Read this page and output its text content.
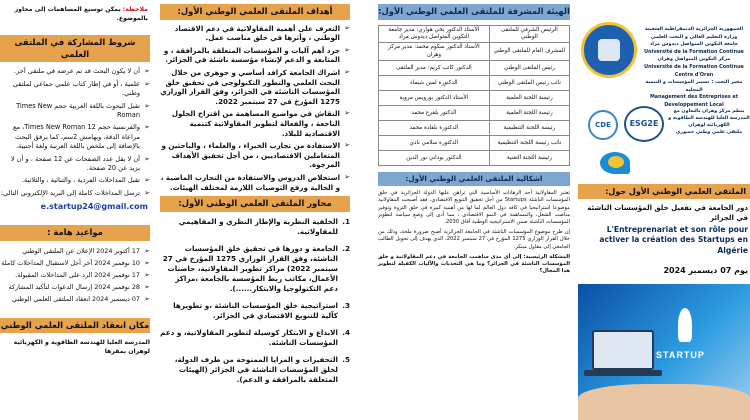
ملاحظة: يمكن توسيع المساهمات إلى محاور بالموضوع.
شروط المشاركة في الملتقى العلمي
➢ أن لا يكون البحث قد تم عرضه في ملتقى آخر.
➢ علمية ، أو في إطار كتاب علمي جماعي لملتقى وطني.
➢ تقبل البحوث باللغة العربية حجم Times New Roman
➢ والفرنسية حجم 12 Times New Roman، مع مراعاة الدقة، وبهامش 2سم، كما يرفق البحث بالإضافة إلى ملخص باللغة العربية ولغة أجنبية.
➢ أن لا يقل عدد الصفحات عن 12 صفحة ، و أن لا يزيد عن 20 صفحة.
➢ تقبل المداخلات الفردية ، والثنائية ، والثلاثية.
➢ ترسل المداخلات كاملة إلى البريد الإلكتروني التالي:
e.startup24@gmail.com
مواعيد هامة :
➢ 17 أكتوبر 2024 الإعلان عن الملتقى الوطني
➢ 10 نوفمبر 2024 آخر أجل لاستقبال المداخلات كاملة
➢ 17 نوفمبر 2024 الرد على المداخلات المقبولة.
➢ 28 نوفمبر 2024 إرسال الدعوات لتأكيد المشاركة
➢ 07 ديسمبر 2024 انعقاد الملتقى العلمي الوطني
مكان انعقاد الملتقى العلمي الوطني
المدرسة العليا للهندسة الطاقوية و الكهربائية لوهران بمقرها
أهداف الملتقى العلمي الوطني الأول:
➢ التعرف على أهمية المقاولاتية في دعم الاقتصاد الوطني ، وأثرها في خلق مناصب عمل.
➢ جرد أهم آليات و المؤسسات المتعلقة بالمرافقة ، و المتابعة و الدعم لإنشاء مؤسسة ناشئة في الجزائر.
➢ اشراك الجامعة كرافد أساسي و جوهري من خلال البحث العلمي والتطور التكنولوجي في تحقيق خلق المؤسسات الناشئة في الجزائر، وفق القرار الوزاري 1275 المؤرخ في 27 سبتمبر 2022.
➢ النقاش في مواضيع المساهمة من اقتراح الحلول الناجعة ، والفعالة لتطوير المقاولاتية كتنمية الاقتصادية للبلاد.
➢ الاستفادة من تجارب الخبراء ، والعلماء ، والباحثين و المتعاملين الاقتصاديين ، من أجل تحقيق الأهداف المرجوة.
➢ استخلاص الدروس والاستفادة من التجارب الماضية ، و الحالية ورفع التوصيات اللازمة لمختلف الهيئات.
محاور الملتقى العلمي الوطني الأول:
1.
الخلفية النظرية والإطار النظري و المفاهيمي للمقاولاتية.
2.
الجامعة و دورها في تحقيق خلق المؤسسات الناشئة، وفق القرار الوزاري 1275 المؤرخ في 27 سبتمبر 2022) مراكز تطوير المقاولاتية، حاضنات الأعمال، مكاتب ربط المؤسسة بالجامعة ،مراكز دعم التكنولوجيا والابتكار......).
3.
استراتيجية خلق المؤسسات الناشئة ،و تطويرها كآلية للتنويع الاقتصادي في الجزائر.
4.
الابداع و الابتكار كوسيلة لتطوير المقاولاتية، و دعم المؤسسات الناشئة.
5.
التحفيزات و المزايا الممنوحة من طرف الدولة، لخلق المؤسسات الناشئة في الجزائر (الهيئات المتعلقة بالمرافقة و الدعم).
الهيئة المشرفة للملتقى العلمي الوطني الأول:
الرئيس الشرفي للملتقى الوطني	الأستاذ الدكتور بخي هواري: مدير جامعة التكوين المتواصل ديدوش مراد
المشرف العام للملتقى الوطني	الأستاذ الدكتور سكوم محمد: مدير مركز وهران
رئيس الملتقى الوطني	الدكتور كاتب كريم: مدير الملتقى
نائب رئيس الملتقى الوطني	الدكتورة لمين شيماء
رئيسة اللجنة العلمية	الأستاذ الدكتور بورويس مروية
رئيسة اللجنة العلمية	الدكتور بلقرع محمد
رئيسة اللجنة التنظيمية	الدكتورة بلقادة محمد
نائب رئيسة اللجنة التنظيمية	الدكتورة سلامي نادي
رئيسة اللجنة التقنية	الدكتور بوداني نور الدين
اشكالية الملتقى العلمي الوطني الأول:

تعتبر المقاولاتية أحد الرهانات الأساسية التي تراهن عليها الدولة الجزائرية في خلق المؤسسات الناشئة Startups من أجل تحقيق التنويع الاقتصادي، فقد أصبحت المقاولاتية موضوعا استراتيجيا في كافة دول العالم لما لها من أهمية كبيرة في خلق الثروة وتوفير مناصب الشغل، والمساهمة في النمو الاقتصادي ، مما أدى إلى وضع سياسة لتطوير المؤسسات الناشئة ضمن الاستراتيجية الوطنية آفاق 2030.

إن طرح موضوع المؤسسات الناشئة في الجامعة الجزائرية أصبح ضرورة ملحة، وذلك من خلال القرار الوزاري 1275 المؤرخ في 27 سبتمبر 2022، الذي يهدف إلى تحويل الطالب الجامعي إلى مقاول مبتكر.

المشكلة الرئيسية: إلى أي مدى ساهمت الجامعة في دعم المقاولاتية و خلق المؤسسات الناشئة في الجزائر؟ وما هي التحديات والآليات الكفيلة لتطوير هذا المجال؟

الجمهورية الجزائرية الديمقراطية الشعبية
وزارة التعليم العالي و البحث العلمي
جامعة التكوين المتواصل ديدوش مراد
Université de la Formation Continue
مركز التكوين المتواصل وهران
Université de la Formation Continue Centre d'Oran
مخبر البحث : تسيير المؤسسات و التنمية المحلية
Management des Entreprises et Développement Local
CDE	ESG2E
ينظم مركز وهران بالتعاون مع المدرسة العليا للهندسة الطاقوية و الكهربائية لوهران
ملتقى علمي وطني حضوري
الملتقى العلمي الوطني الأول حول:
دور الجامعة في تفعيل خلق المؤسسات الناشئة في الجزائر
L'Entreprenariat et son rôle pour activer la création des Startups en Algérie
يوم 07 ديسمبر 2024
STARTUP
